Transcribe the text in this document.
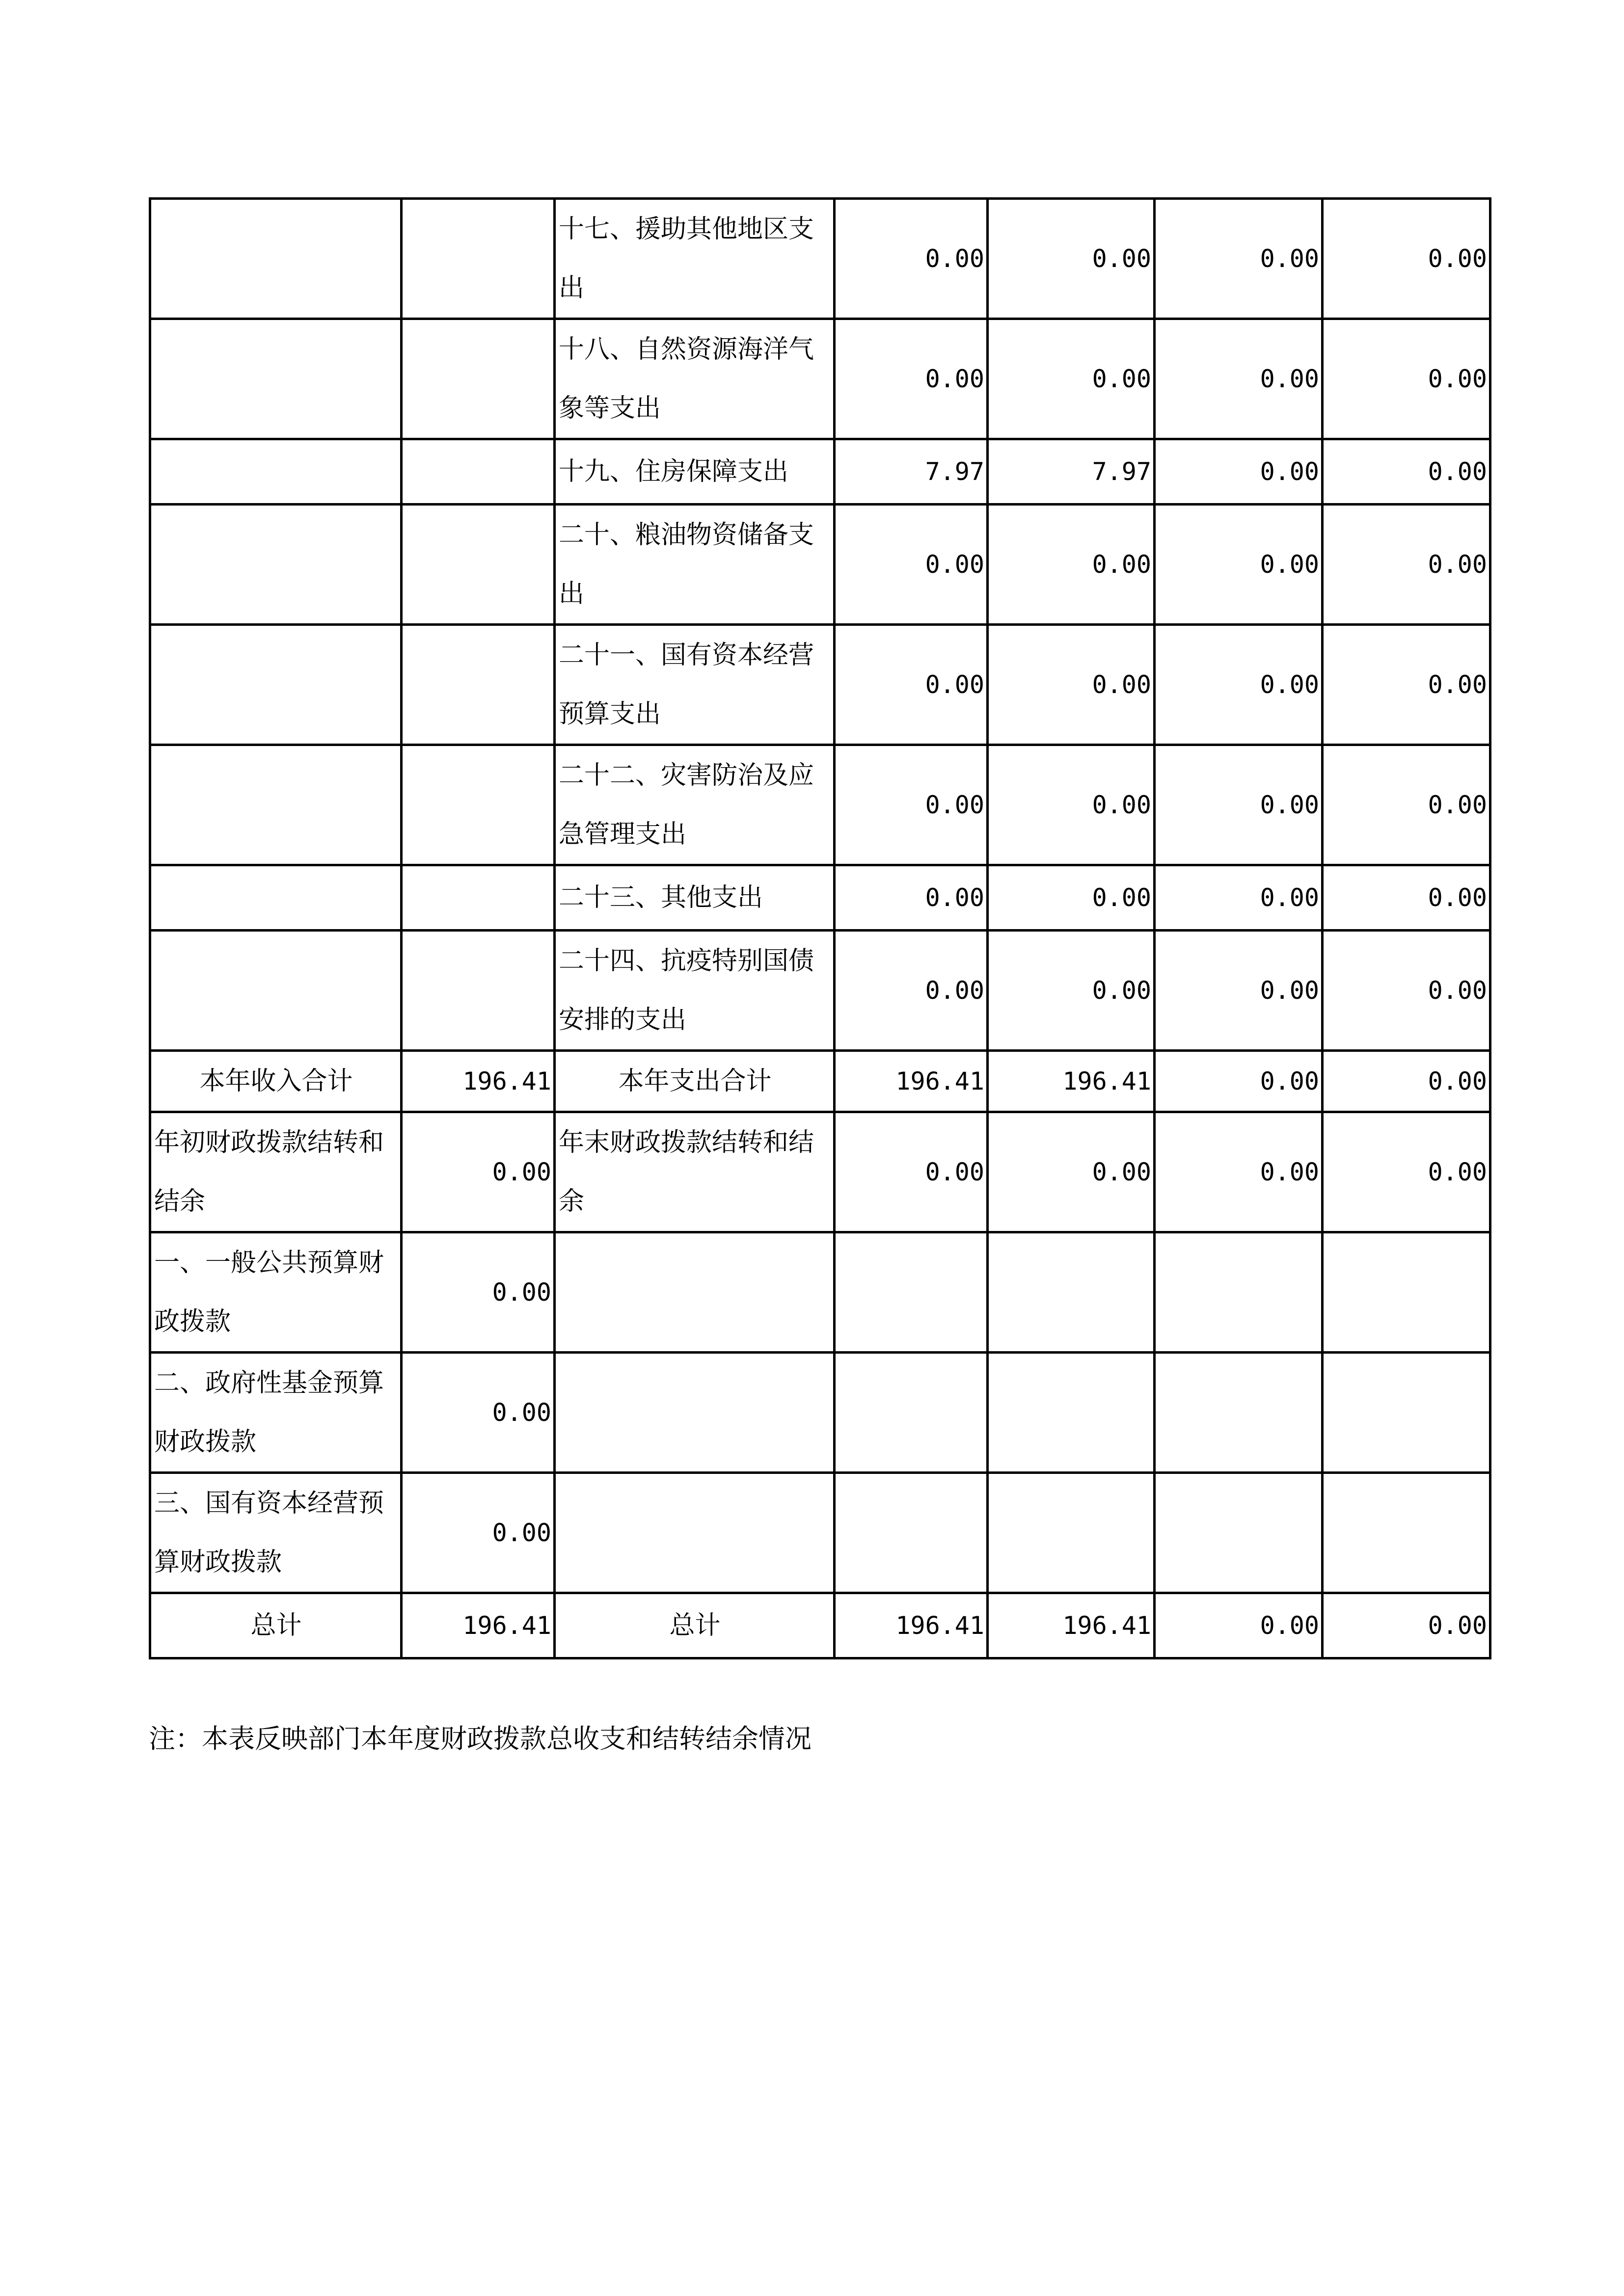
		十七、援助其他地区支出	0.00	0.00	0.00	0.00

		十八、自然资源海洋气象等支出	0.00	0.00	0.00	0.00

		十九、住房保障支出	7.97	7.97	0.00	0.00

		二十、粮油物资储备支出	0.00	0.00	0.00	0.00

		二十一、国有资本经营预算支出	0.00	0.00	0.00	0.00

		二十二、灾害防治及应急管理支出	0.00	0.00	0.00	0.00

		二十三、其他支出	0.00	0.00	0.00	0.00

		二十四、抗疫特别国债安排的支出	0.00	0.00	0.00	0.00
本年收入合计	196.41	本年支出合计	196.41	196.41	0.00	0.00

年初财政拨款结转和结余	0.00	年末财政拨款结转和结余	0.00	0.00	0.00	0.00

一、一般公共预算财政拨款	0.00					

二、政府性基金预算财政拨款	0.00					

三、国有资本经营预算财政拨款	0.00					
总计	196.41	总计	196.41	196.41	0.00	0.00
注：本表反映部门本年度财政拨款总收支和结转结余情况
